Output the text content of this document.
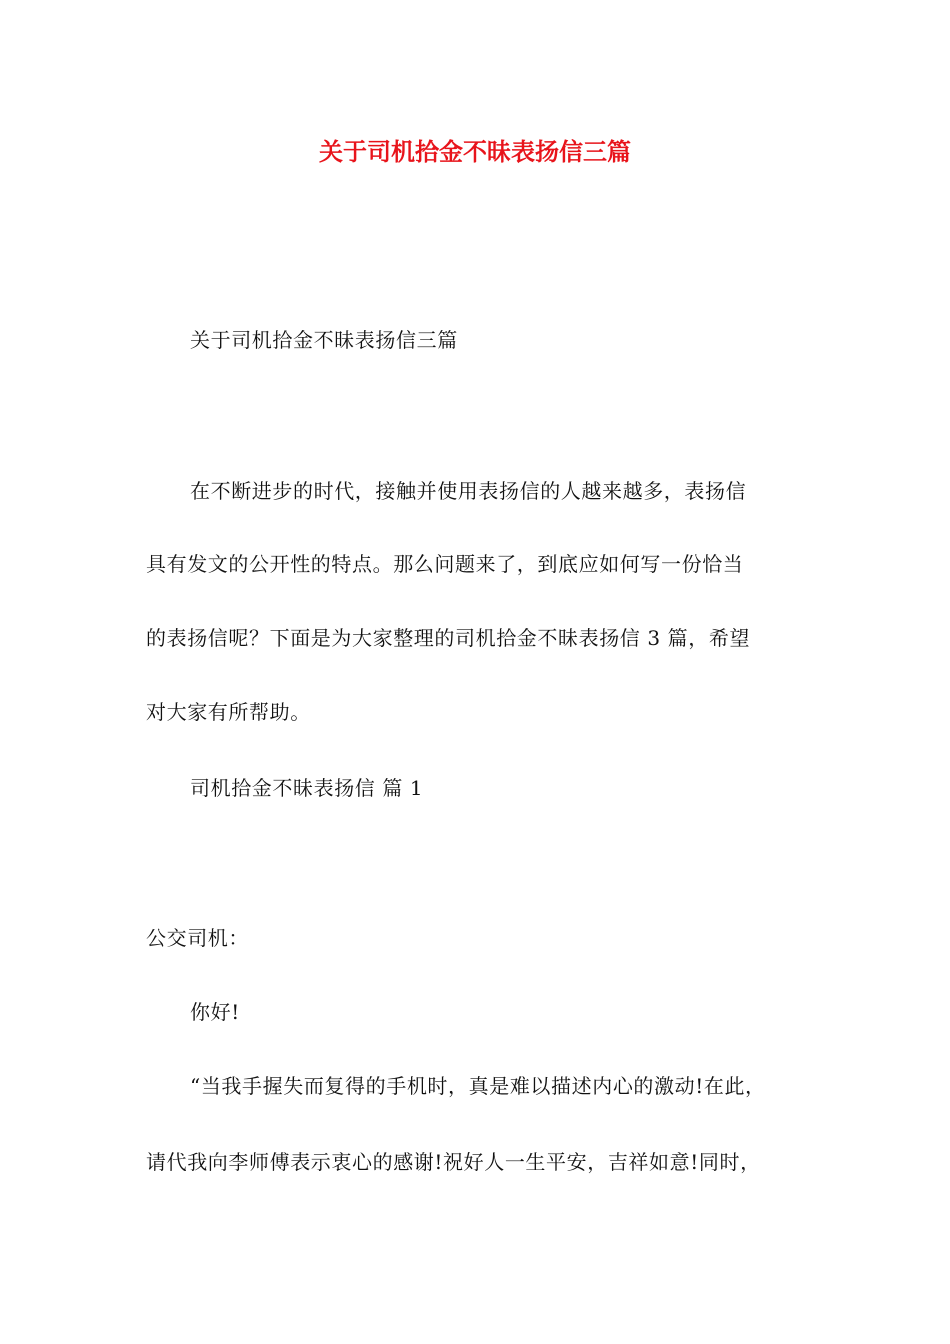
关于司机拾金不昧表扬信三篇
关于司机拾金不昧表扬信三篇
在不断进步的时代，接触并使用表扬信的人越来越多，表扬信
具有发文的公开性的特点。那么问题来了，到底应如何写一份恰当
的表扬信呢？下面是为大家整理的司机拾金不昧表扬信 3 篇，希望
对大家有所帮助。
司机拾金不昧表扬信 篇 1
公交司机：
你好!
“当我手握失而复得的手机时，真是难以描述内心的激动!在此，
请代我向李师傅表示衷心的感谢!祝好人一生平安，吉祥如意!同时，
